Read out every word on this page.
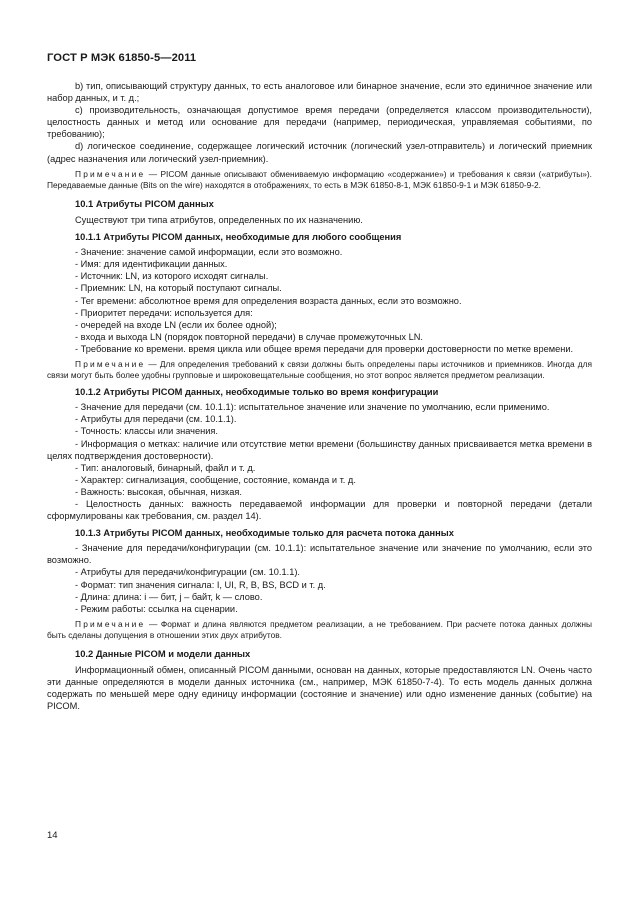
ГОСТ Р МЭК 61850-5—2011

b) тип, описывающий структуру данных, то есть аналоговое или бинарное значение, если это единичное значение или набор данных, и т. д.;

c) производительность, означающая допустимое время передачи (определяется классом производительности), целостность данных и метод или основание для передачи (например, периодическая, управляемая событиями, по требованию);

d) логическое соединение, содержащее логический источник (логический узел-отправитель) и логический приемник (адрес назначения или логический узел-приемник).

Примечание — PICOM данные описывают обмениваемую информацию «содержание») и требования к связи («атрибуты»). Передаваемые данные (Bits on the wire) находятся в отображениях, то есть в МЭК 61850-8-1, МЭК 61850-9-1 и МЭК 61850-9-2.

10.1 Атрибуты PICOM данных

Существуют три типа атрибутов, определенных по их назначению.

10.1.1 Атрибуты PICOM данных, необходимые для любого сообщения

- Значение: значение самой информации, если это возможно.

- Имя: для идентификации данных.

- Источник: LN, из которого исходят сигналы.

- Приемник: LN, на который поступают сигналы.

- Тег времени: абсолютное время для определения возраста данных, если это возможно.

- Приоритет передачи: используется для:

- очередей на входе LN (если их более одной);

- входа и выхода LN (порядок повторной передачи) в случае промежуточных LN.

- Требование ко времени. время цикла или общее время передачи для проверки достоверности по метке времени.

Примечание — Для определения требований к связи должны быть определены пары источников и приемников. Иногда для связи могут быть более удобны групповые и широковещательные сообщения, но этот вопрос является предметом реализации.

10.1.2 Атрибуты PICOM данных, необходимые только во время конфигурации

- Значение для передачи (см. 10.1.1): испытательное значение или значение по умолчанию, если применимо.

- Атрибуты для передачи (см. 10.1.1).

- Точность: классы или значения.

- Информация о метках: наличие или отсутствие метки времени (большинству данных присваивается метка времени в целях подтверждения достоверности).

- Тип: аналоговый, бинарный, файл и т. д.

- Характер: сигнализация, сообщение, состояние, команда и т. д.

- Важность: высокая, обычная, низкая.

- Целостность данных: важность передаваемой информации для проверки и повторной передачи (детали сформулированы как требования, см. раздел 14).

10.1.3 Атрибуты PICOM данных, необходимые только для расчета потока данных

- Значение для передачи/конфигурации (см. 10.1.1): испытательное значение или значение по умолчанию, если это возможно.

- Атрибуты для передачи/конфигурации (см. 10.1.1).

- Формат: тип значения сигнала: I, UI, R, B, BS, BCD и т. д.

- Длина: длина: i — бит, j – байт, k — слово.

- Режим работы: ссылка на сценарии.

Примечание — Формат и длина являются предметом реализации, а не требованием. При расчете потока данных должны быть сделаны допущения в отношении этих двух атрибутов.

10.2 Данные PICOM и модели данных

Информационный обмен, описанный PICOM данными, основан на данных, которые предоставляются LN. Очень часто эти данные определяются в модели данных источника (см., например, МЭК 61850-7-4). То есть модель данных должна содержать по меньшей мере одну единицу информации (состояние и значение) или одно изменение данных (событие) на PICOM.

14
